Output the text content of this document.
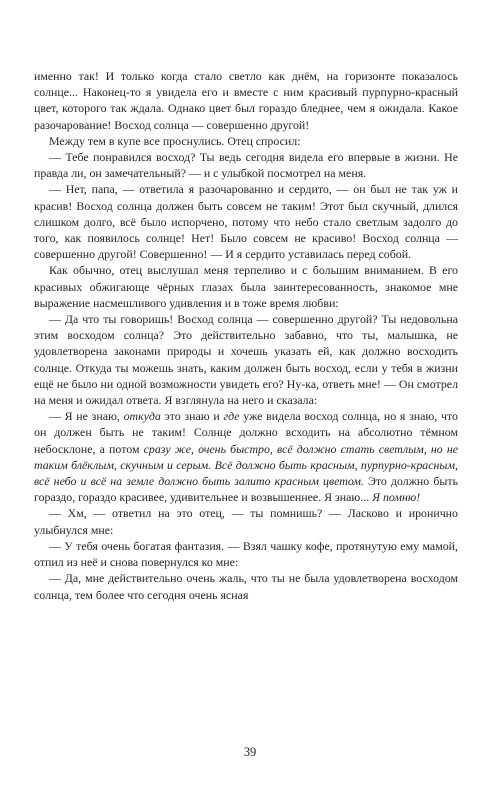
именно так! И только когда стало светло как днём, на горизонте показалось солнце... Наконец-то я увидела его и вместе с ним красивый пурпурно-красный цвет, которого так ждала. Однако цвет был гораздо бледнее, чем я ожидала. Какое разочарование! Восход солнца — совершенно другой!

Между тем в купе все проснулись. Отец спросил:

— Тебе понравился восход? Ты ведь сегодня видела его впервые в жизни. Не правда ли, он замечательный? — и с улыбкой посмотрел на меня.

— Нет, папа, — ответила я разочарованно и сердито, — он был не так уж и красив! Восход солнца должен быть совсем не таким! Этот был скучный, длился слишком долго, всё было испорчено, потому что небо стало светлым задолго до того, как появилось солнце! Нет! Было совсем не красиво! Восход солнца — совершенно другой! Совершенно! — И я сердито уставилась перед собой.

Как обычно, отец выслушал меня терпеливо и с большим вниманием. В его красивых обжигающе чёрных глазах была заинтересованность, знакомое мне выражение насмешливого удивления и в тоже время любви:

— Да что ты говоришь! Восход солнца — совершенно другой? Ты недовольна этим восходом солнца? Это действительно забавно, что ты, малышка, не удовлетворена законами природы и хочешь указать ей, как должно восходить солнце. Откуда ты можешь знать, каким должен быть восход, если у тебя в жизни ещё не было ни одной возможности увидеть его? Ну-ка, ответь мне! — Он смотрел на меня и ожидал ответа. Я взглянула на него и сказала:

— Я не знаю, откуда это знаю и где уже видела восход солнца, но я знаю, что он должен быть не таким! Солнце должно всходить на абсолютно тёмном небосклоне, а потом сразу же, очень быстро, всё должно стать светлым, но не таким блёклым, скучным и серым. Всё должно быть красным, пурпурно-красным, всё небо и всё на земле должно быть залито красным цветом. Это должно быть гораздо, гораздо красивее, удивительнее и возвышеннее. Я знаю... Я помню!

— Хм, — ответил на это отец, — ты помнишь? — Ласково и иронично улыбнулся мне:

— У тебя очень богатая фантазия. — Взял чашку кофе, протянутую ему мамой, отпил из неё и снова повернулся ко мне:

— Да, мне действительно очень жаль, что ты не была удовлетворена восходом солнца, тем более что сегодня очень ясная

39
